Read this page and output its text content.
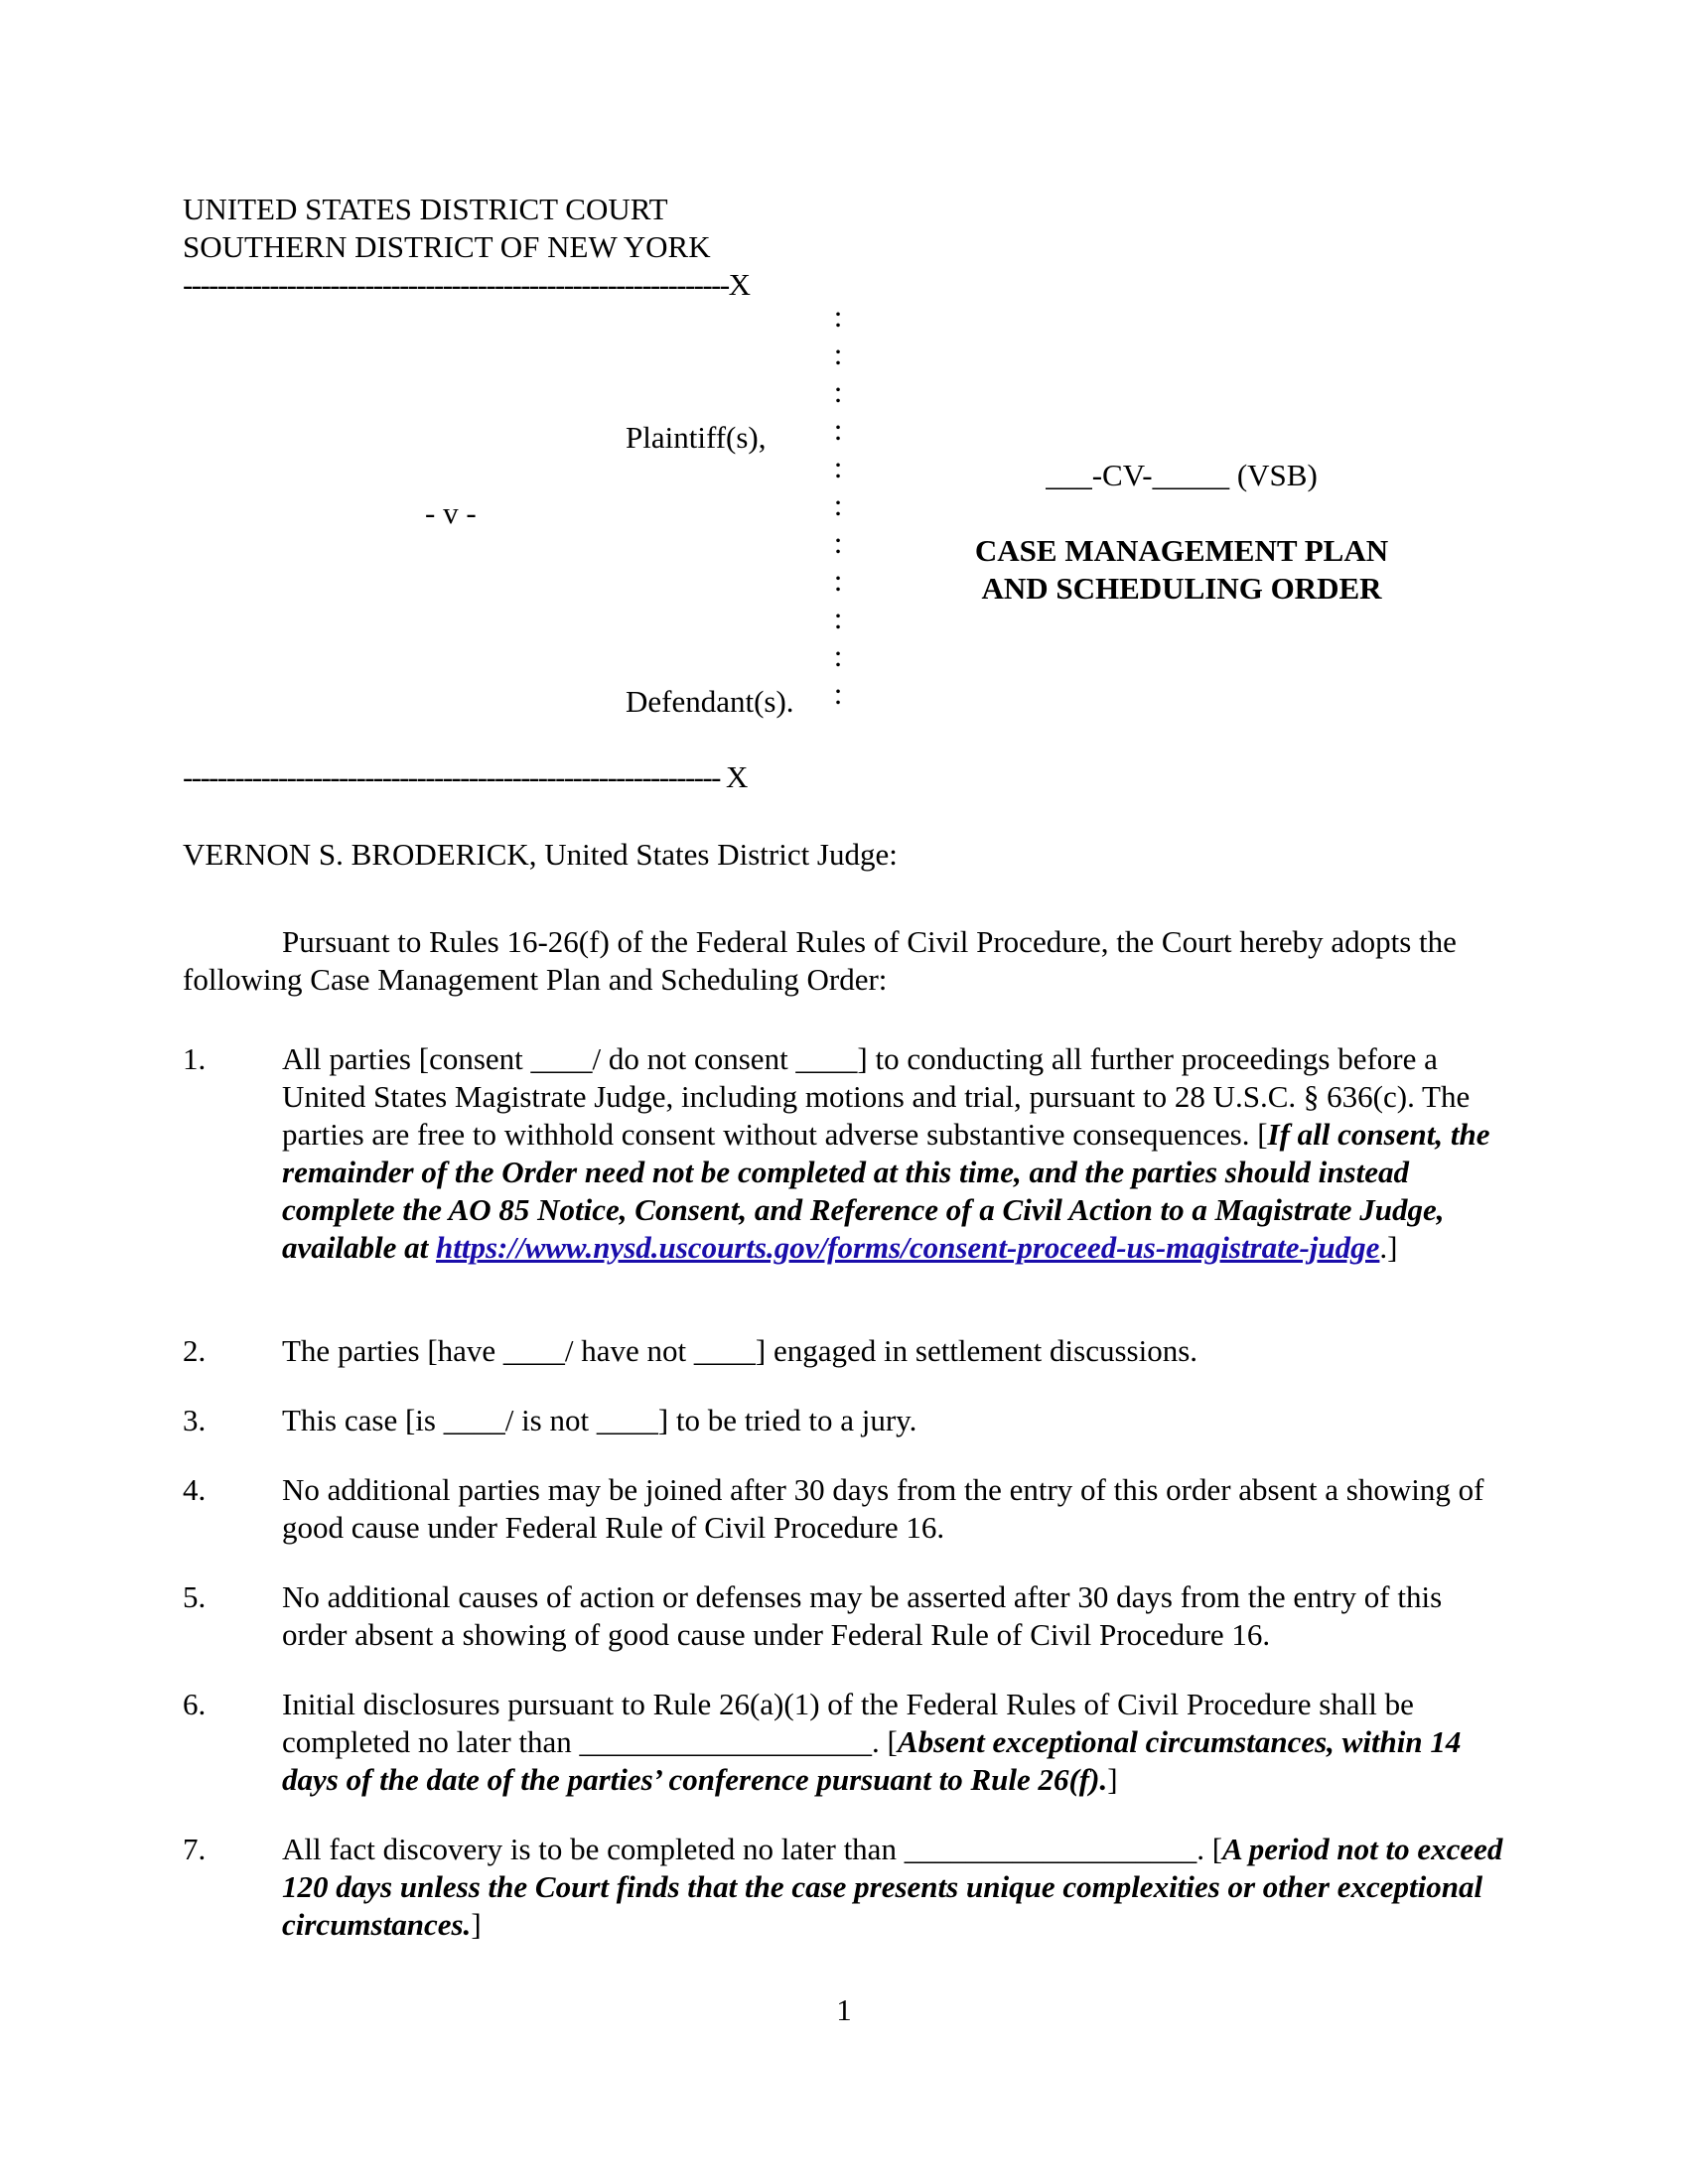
UNITED STATES DISTRICT COURT
SOUTHERN DISTRICT OF NEW YORK
---------------------------------------------------------------X
:
:
:
:
:
:
:
:
:
:
:
Plaintiff(s),
- v -
Defendant(s).
-------------------------------------------------------------- X
___-CV-_____ (VSB)
CASE MANAGEMENT PLAN
AND SCHEDULING ORDER
VERNON S. BRODERICK, United States District Judge:
Pursuant to Rules 16-26(f) of the Federal Rules of Civil Procedure, the Court hereby adopts the following Case Management Plan and Scheduling Order:
1. All parties [consent ____/ do not consent ____] to conducting all further proceedings before a United States Magistrate Judge, including motions and trial, pursuant to 28 U.S.C. § 636(c). The parties are free to withhold consent without adverse substantive consequences. [If all consent, the remainder of the Order need not be completed at this time, and the parties should instead complete the AO 85 Notice, Consent, and Reference of a Civil Action to a Magistrate Judge, available at https://www.nysd.uscourts.gov/forms/consent-proceed-us-magistrate-judge.]
2. The parties [have ____/ have not ____] engaged in settlement discussions.
3. This case [is ____/ is not ____] to be tried to a jury.
4. No additional parties may be joined after 30 days from the entry of this order absent a showing of good cause under Federal Rule of Civil Procedure 16.
5. No additional causes of action or defenses may be asserted after 30 days from the entry of this order absent a showing of good cause under Federal Rule of Civil Procedure 16.
6. Initial disclosures pursuant to Rule 26(a)(1) of the Federal Rules of Civil Procedure shall be completed no later than ___________________. [Absent exceptional circumstances, within 14 days of the date of the parties’ conference pursuant to Rule 26(f).]
7. All fact discovery is to be completed no later than ___________________. [A period not to exceed 120 days unless the Court finds that the case presents unique complexities or other exceptional circumstances.]
1
